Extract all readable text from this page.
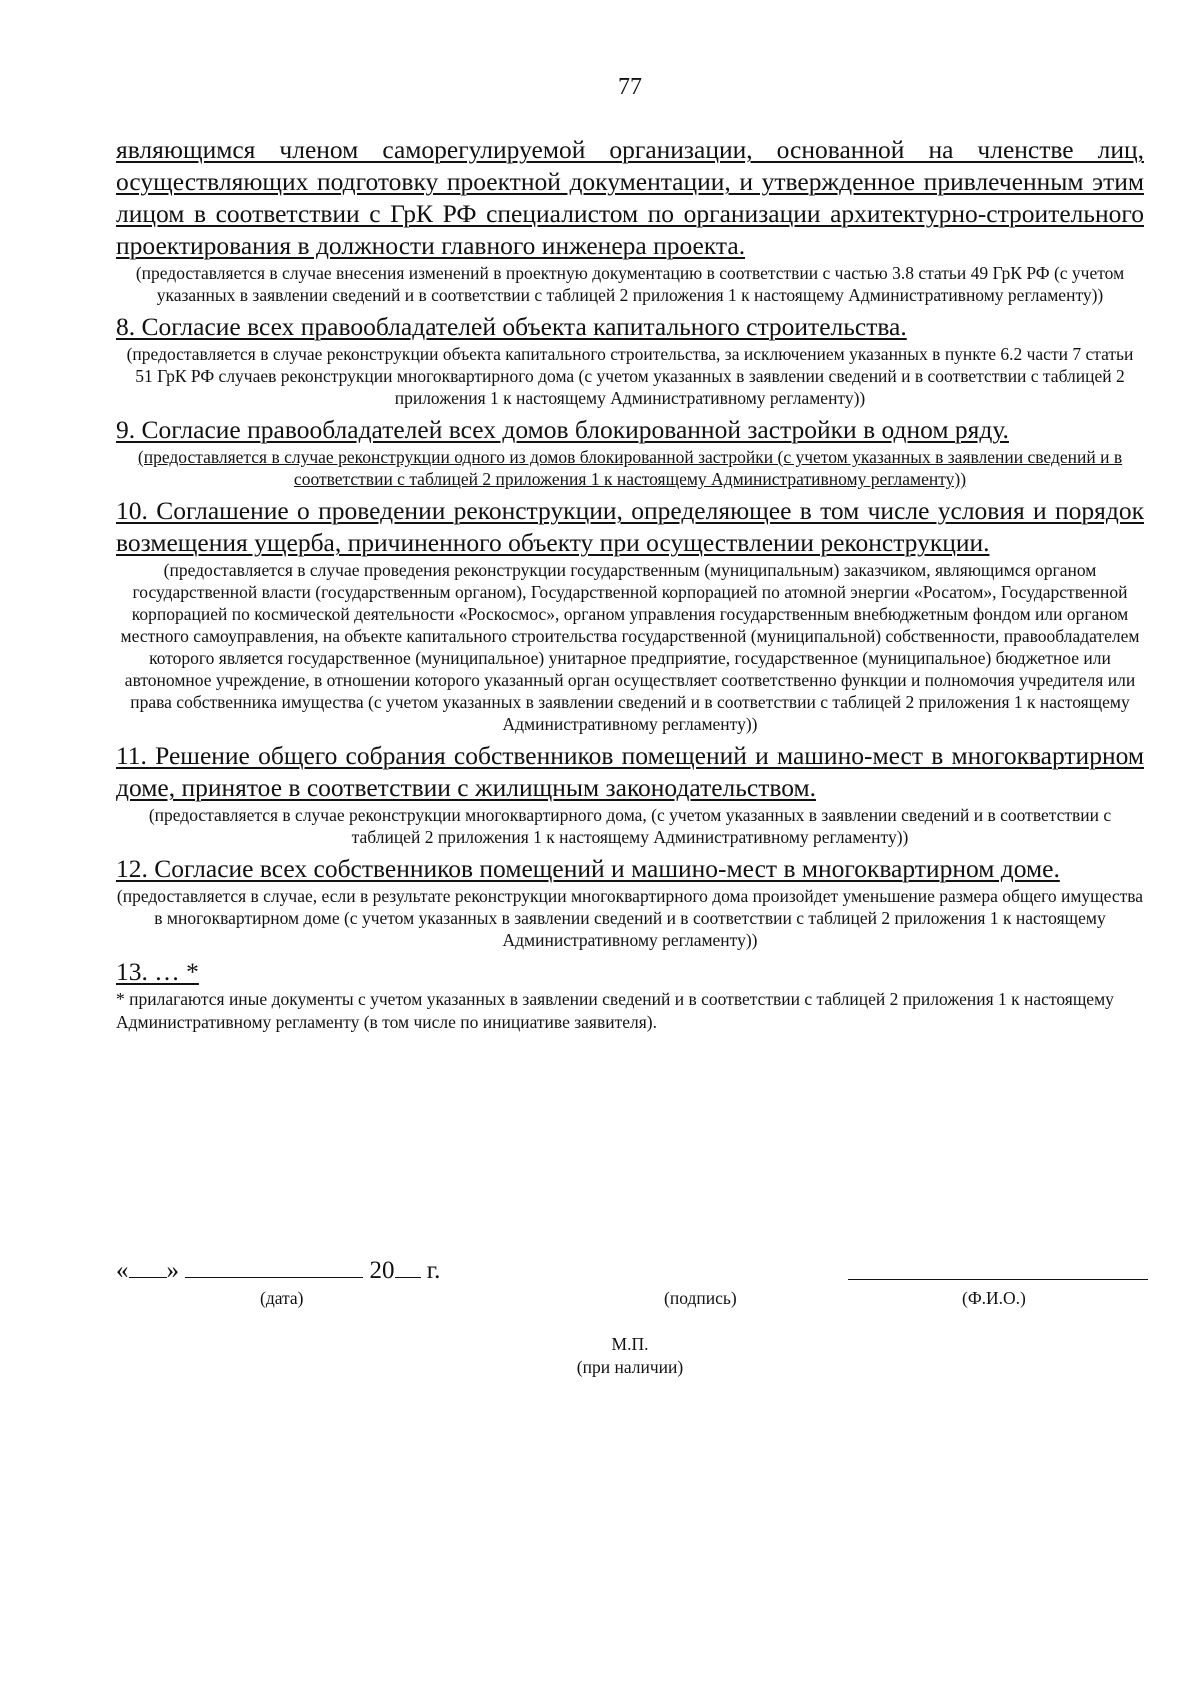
77

являющимся членом саморегулируемой организации, основанной на членстве лиц, осуществляющих подготовку проектной документации, и утвержденное привлеченным этим лицом в соответствии с ГрК РФ специалистом по организации архитектурно-строительного проектирования в должности главного инженера проекта.

(предоставляется в случае внесения изменений в проектную документацию в соответствии с частью 3.8 статьи 49 ГрК РФ (с учетом указанных в заявлении сведений и в соответствии с таблицей 2 приложения 1 к настоящему Административному регламенту))

8. Согласие всех правообладателей объекта капитального строительства.

(предоставляется в случае реконструкции объекта капитального строительства, за исключением указанных в пункте 6.2 части 7 статьи 51 ГрК РФ случаев реконструкции многоквартирного дома (с учетом указанных в заявлении сведений и в соответствии с таблицей 2 приложения 1 к настоящему Административному регламенту))

9. Согласие правообладателей всех домов блокированной застройки в одном ряду.

(предоставляется в случае реконструкции одного из домов блокированной застройки (с учетом указанных в заявлении сведений и в соответствии с таблицей 2 приложения 1 к настоящему Административному регламенту))

10. Соглашение о проведении реконструкции, определяющее в том числе условия и порядок возмещения ущерба, причиненного объекту при осуществлении реконструкции.

(предоставляется в случае проведения реконструкции государственным (муниципальным) заказчиком, являющимся органом государственной власти (государственным органом), Государственной корпорацией по атомной энергии «Росатом», Государственной корпорацией по космической деятельности «Роскосмос», органом управления государственным внебюджетным фондом или органом местного самоуправления, на объекте капитального строительства государственной (муниципальной) собственности, правообладателем которого является государственное (муниципальное) унитарное предприятие, государственное (муниципальное) бюджетное или автономное учреждение, в отношении которого указанный орган осуществляет соответственно функции и полномочия учредителя или права собственника имущества (с учетом указанных в заявлении сведений и в соответствии с таблицей 2 приложения 1 к настоящему Административному регламенту))

11. Решение общего собрания собственников помещений и машино-мест в многоквартирном доме, принятое в соответствии с жилищным законодательством.

(предоставляется в случае реконструкции многоквартирного дома, (с учетом указанных в заявлении сведений и в соответствии с таблицей 2 приложения 1 к настоящему Административному регламенту))

12. Согласие всех собственников помещений и машино-мест в многоквартирном доме.

(предоставляется в случае, если в результате реконструкции многоквартирного дома произойдет уменьшение размера общего имущества в многоквартирном доме (с учетом указанных в заявлении сведений и в соответствии с таблицей 2 приложения 1 к настоящему Административному регламенту))

13. … *

* прилагаются иные документы с учетом указанных в заявлении сведений и в соответствии с таблицей 2 приложения 1 к настоящему Административному регламенту (в том числе по инициативе заявителя).

« »	20 г.
(дата)	(подпись)	(Ф.И.О.)
М.П.
(при наличии)
